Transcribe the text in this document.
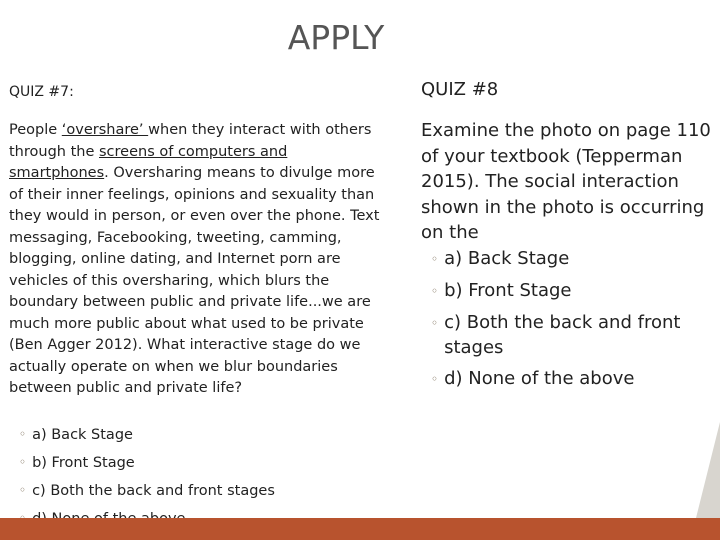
APPLY
QUIZ #7:
People ‘overshare’ when they interact with others through the screens of computers and smartphones. Oversharing means to divulge more of their inner feelings, opinions and sexuality than they would in person, or even over the phone. Text messaging, Facebooking, tweeting, camming, blogging, online dating, and Internet porn are vehicles of this oversharing, which blurs the boundary between public and private life...we are much more public about what used to be private (Ben Agger 2012). What interactive stage do we actually operate on when we blur boundaries between public and private life?
◦ a) Back Stage
◦ b) Front Stage
◦ c) Both the back and front stages
QUIZ #8
Examine the photo on page 110 of your textbook (Tepperman 2015). The social interaction shown in the photo is occurring on the
◦ a) Back Stage
◦ b) Front Stage
◦ c) Both the back and front stages
◦ d) None of the above
